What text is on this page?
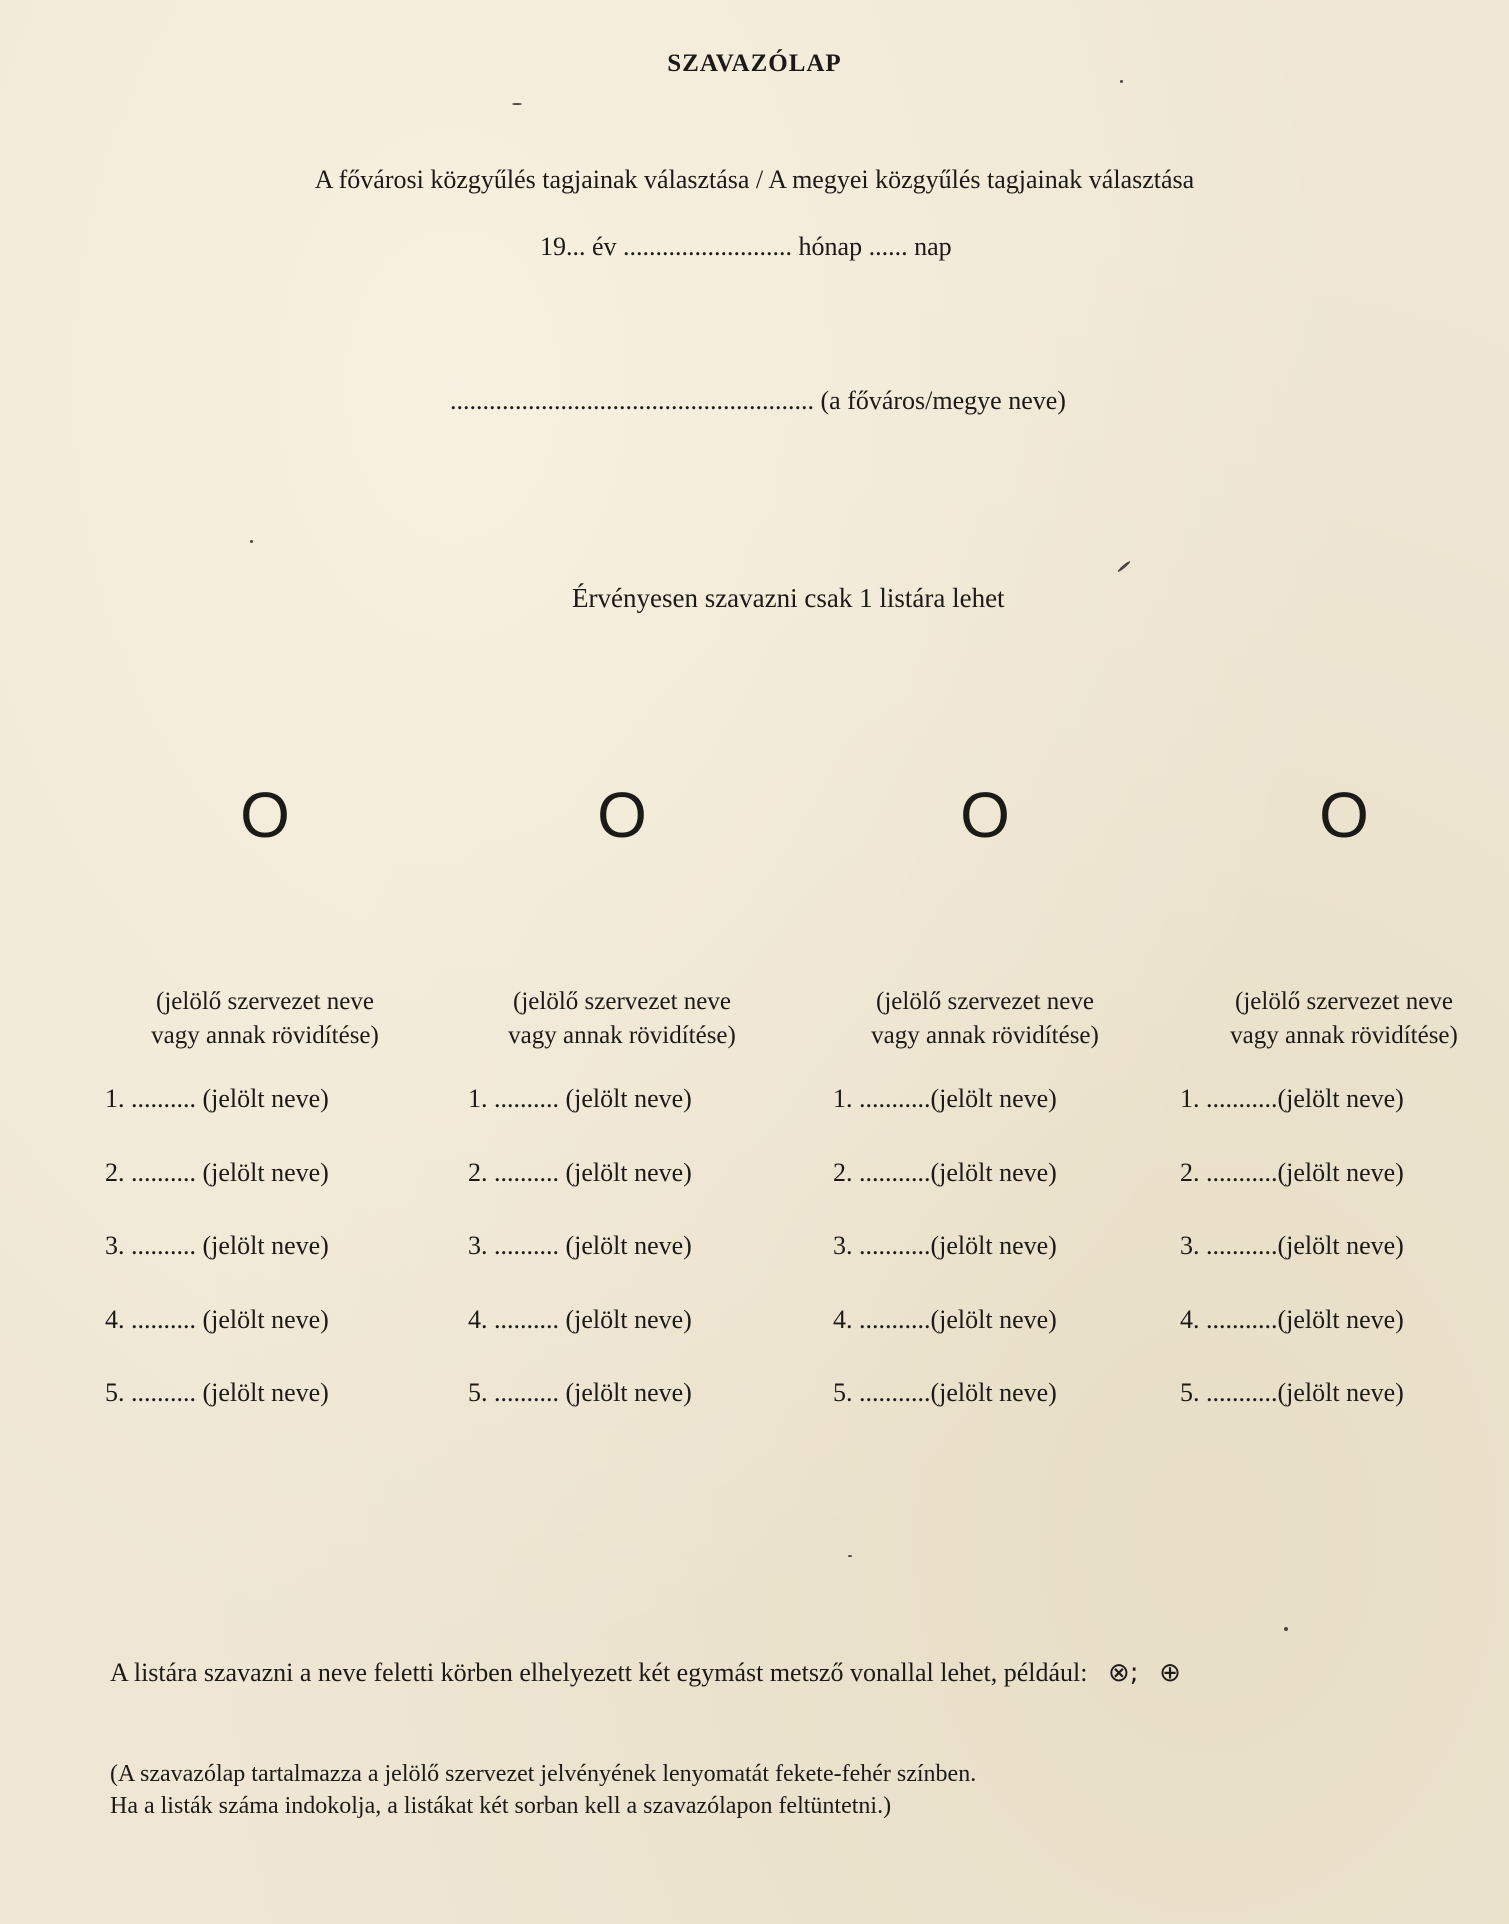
SZAVAZÓLAP
A fővárosi közgyűlés tagjainak választása / A megyei közgyűlés tagjainak választása
19... év .......................... hónap ...... nap
........................................................ (a főváros/megye neve)
Érvényesen szavazni csak 1 listára lehet
O
(jelölő szervezet neve
vagy annak rövidítése)
1. .......... (jelölt neve)
2. .......... (jelölt neve)
3. .......... (jelölt neve)
4. .......... (jelölt neve)
5. .......... (jelölt neve)
O
(jelölő szervezet neve
vagy annak rövidítése)
1. .......... (jelölt neve)
2. .......... (jelölt neve)
3. .......... (jelölt neve)
4. .......... (jelölt neve)
5. .......... (jelölt neve)
O
(jelölő szervezet neve
vagy annak rövidítése)
1. ...........(jelölt neve)
2. ...........(jelölt neve)
3. ...........(jelölt neve)
4. ...........(jelölt neve)
5. ...........(jelölt neve)
O
(jelölő szervezet neve
vagy annak rövidítése)
1. ...........(jelölt neve)
2. ...........(jelölt neve)
3. ...........(jelölt neve)
4. ...........(jelölt neve)
5. ...........(jelölt neve)
A listára szavazni a neve feletti körben elhelyezett két egymást metsző vonallal lehet, például: ⊗; ⊕
(A szavazólap tartalmazza a jelölő szervezet jelvényének lenyomatát fekete-fehér színben.
Ha a listák száma indokolja, a listákat két sorban kell a szavazólapon feltüntetni.)
